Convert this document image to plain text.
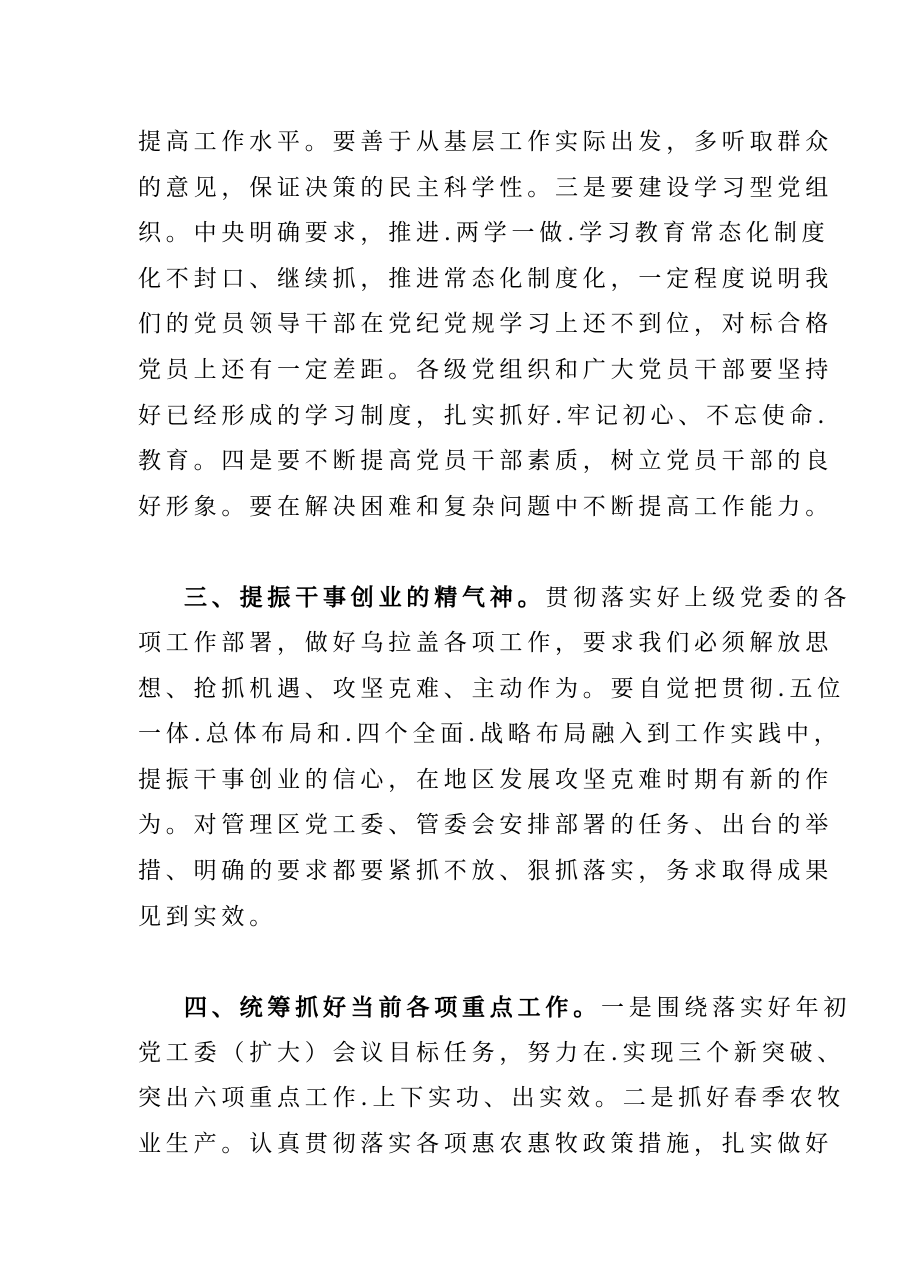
提高工作水平。要善于从基层工作实际出发，多听取群众

的意见，保证决策的民主科学性。三是要建设学习型党组

织。中央明确要求，推进.两学一做.学习教育常态化制度

化不封口、继续抓，推进常态化制度化，一定程度说明我

们的党员领导干部在党纪党规学习上还不到位，对标合格

党员上还有一定差距。各级党组织和广大党员干部要坚持

好已经形成的学习制度，扎实抓好.牢记初心、不忘使命.

教育。四是要不断提高党员干部素质，树立党员干部的良

好形象。要在解决困难和复杂问题中不断提高工作能力。

三、提振干事创业的精气神。贯彻落实好上级党委的各

项工作部署，做好乌拉盖各项工作，要求我们必须解放思

想、抢抓机遇、攻坚克难、主动作为。要自觉把贯彻.五位

一体.总体布局和.四个全面.战略布局融入到工作实践中，

提振干事创业的信心，在地区发展攻坚克难时期有新的作

为。对管理区党工委、管委会安排部署的任务、出台的举

措、明确的要求都要紧抓不放、狠抓落实，务求取得成果

见到实效。

四、统筹抓好当前各项重点工作。一是围绕落实好年初

党工委（扩大）会议目标任务，努力在.实现三个新突破、

突出六项重点工作.上下实功、出实效。二是抓好春季农牧

业生产。认真贯彻落实各项惠农惠牧政策措施，扎实做好
